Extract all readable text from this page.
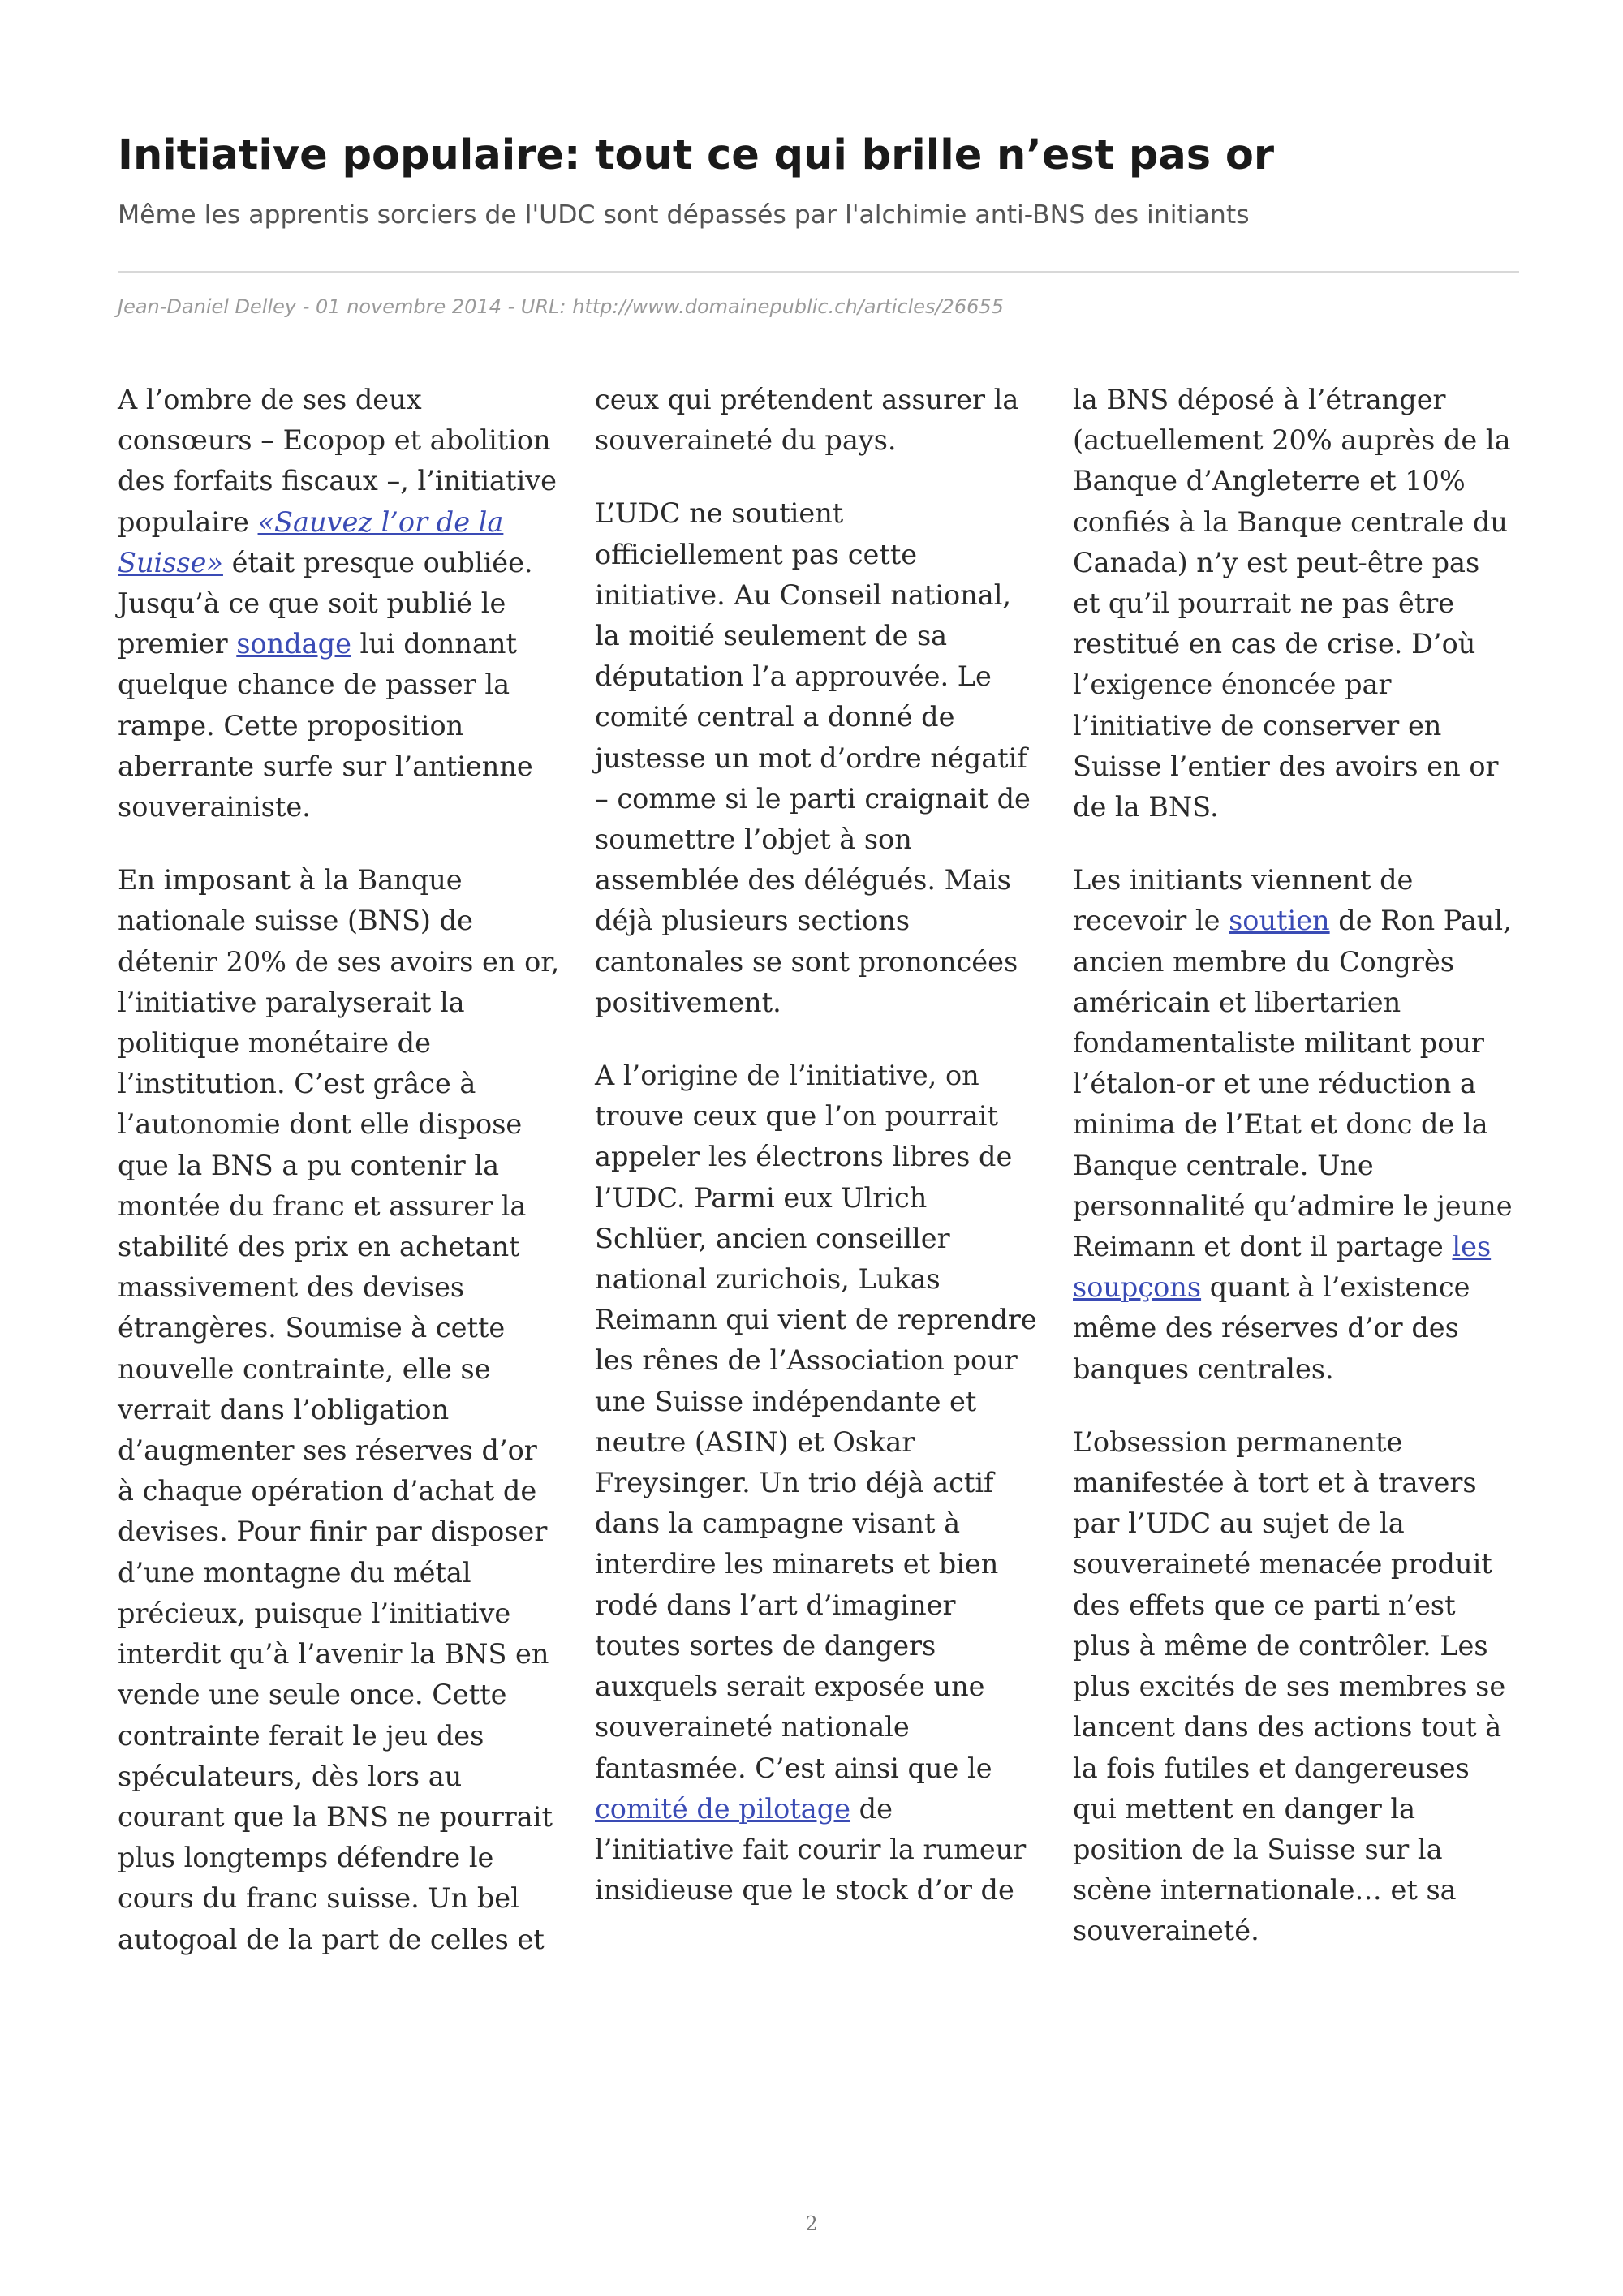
Initiative populaire: tout ce qui brille n’est pas or
Même les apprentis sorciers de l'UDC sont dépassés par l'alchimie anti-BNS des initiants
Jean-Daniel Delley - 01 novembre 2014 - URL: http://www.domainepublic.ch/articles/26655

A l’ombre de ses deux consœurs – Ecopop et abolition des forfaits fiscaux –, l’initiative populaire «Sauvez l’or de la Suisse» était presque oubliée. Jusqu’à ce que soit publié le premier sondage lui donnant quelque chance de passer la rampe. Cette proposition aberrante surfe sur l’antienne souverainiste.

En imposant à la Banque nationale suisse (BNS) de détenir 20% de ses avoirs en or, l’initiative paralyserait la politique monétaire de l’institution. C’est grâce à l’autonomie dont elle dispose que la BNS a pu contenir la montée du franc et assurer la stabilité des prix en achetant massivement des devises étrangères. Soumise à cette nouvelle contrainte, elle se verrait dans l’obligation d’augmenter ses réserves d’or à chaque opération d’achat de devises. Pour finir par disposer d’une montagne du métal précieux, puisque l’initiative interdit qu’à l’avenir la BNS en vende une seule once. Cette contrainte ferait le jeu des spéculateurs, dès lors au courant que la BNS ne pourrait plus longtemps défendre le cours du franc suisse. Un bel autogoal de la part de celles et

ceux qui prétendent assurer la souveraineté du pays.

L’UDC ne soutient officiellement pas cette initiative. Au Conseil national, la moitié seulement de sa députation l’a approuvée. Le comité central a donné de justesse un mot d’ordre négatif – comme si le parti craignait de soumettre l’objet à son assemblée des délégués. Mais déjà plusieurs sections cantonales se sont prononcées positivement.

A l’origine de l’initiative, on trouve ceux que l’on pourrait appeler les électrons libres de l’UDC. Parmi eux Ulrich Schlüer, ancien conseiller national zurichois, Lukas Reimann qui vient de reprendre les rênes de l’Association pour une Suisse indépendante et neutre (ASIN) et Oskar Freysinger. Un trio déjà actif dans la campagne visant à interdire les minarets et bien rodé dans l’art d’imaginer toutes sortes de dangers auxquels serait exposée une souveraineté nationale fantasmée. C’est ainsi que le comité de pilotage de l’initiative fait courir la rumeur insidieuse que le stock d’or de

la BNS déposé à l’étranger (actuellement 20% auprès de la Banque d’Angleterre et 10% confiés à la Banque centrale du Canada) n’y est peut-être pas et qu’il pourrait ne pas être restitué en cas de crise. D’où l’exigence énoncée par l’initiative de conserver en Suisse l’entier des avoirs en or de la BNS.

Les initiants viennent de recevoir le soutien de Ron Paul, ancien membre du Congrès américain et libertarien fondamentaliste militant pour l’étalon-or et une réduction a minima de l’Etat et donc de la Banque centrale. Une personnalité qu’admire le jeune Reimann et dont il partage les soupçons quant à l’existence même des réserves d’or des banques centrales.

L’obsession permanente manifestée à tort et à travers par l’UDC au sujet de la souveraineté menacée produit des effets que ce parti n’est plus à même de contrôler. Les plus excités de ses membres se lancent dans des actions tout à la fois futiles et dangereuses qui mettent en danger la position de la Suisse sur la scène internationale… et sa souveraineté.

2
